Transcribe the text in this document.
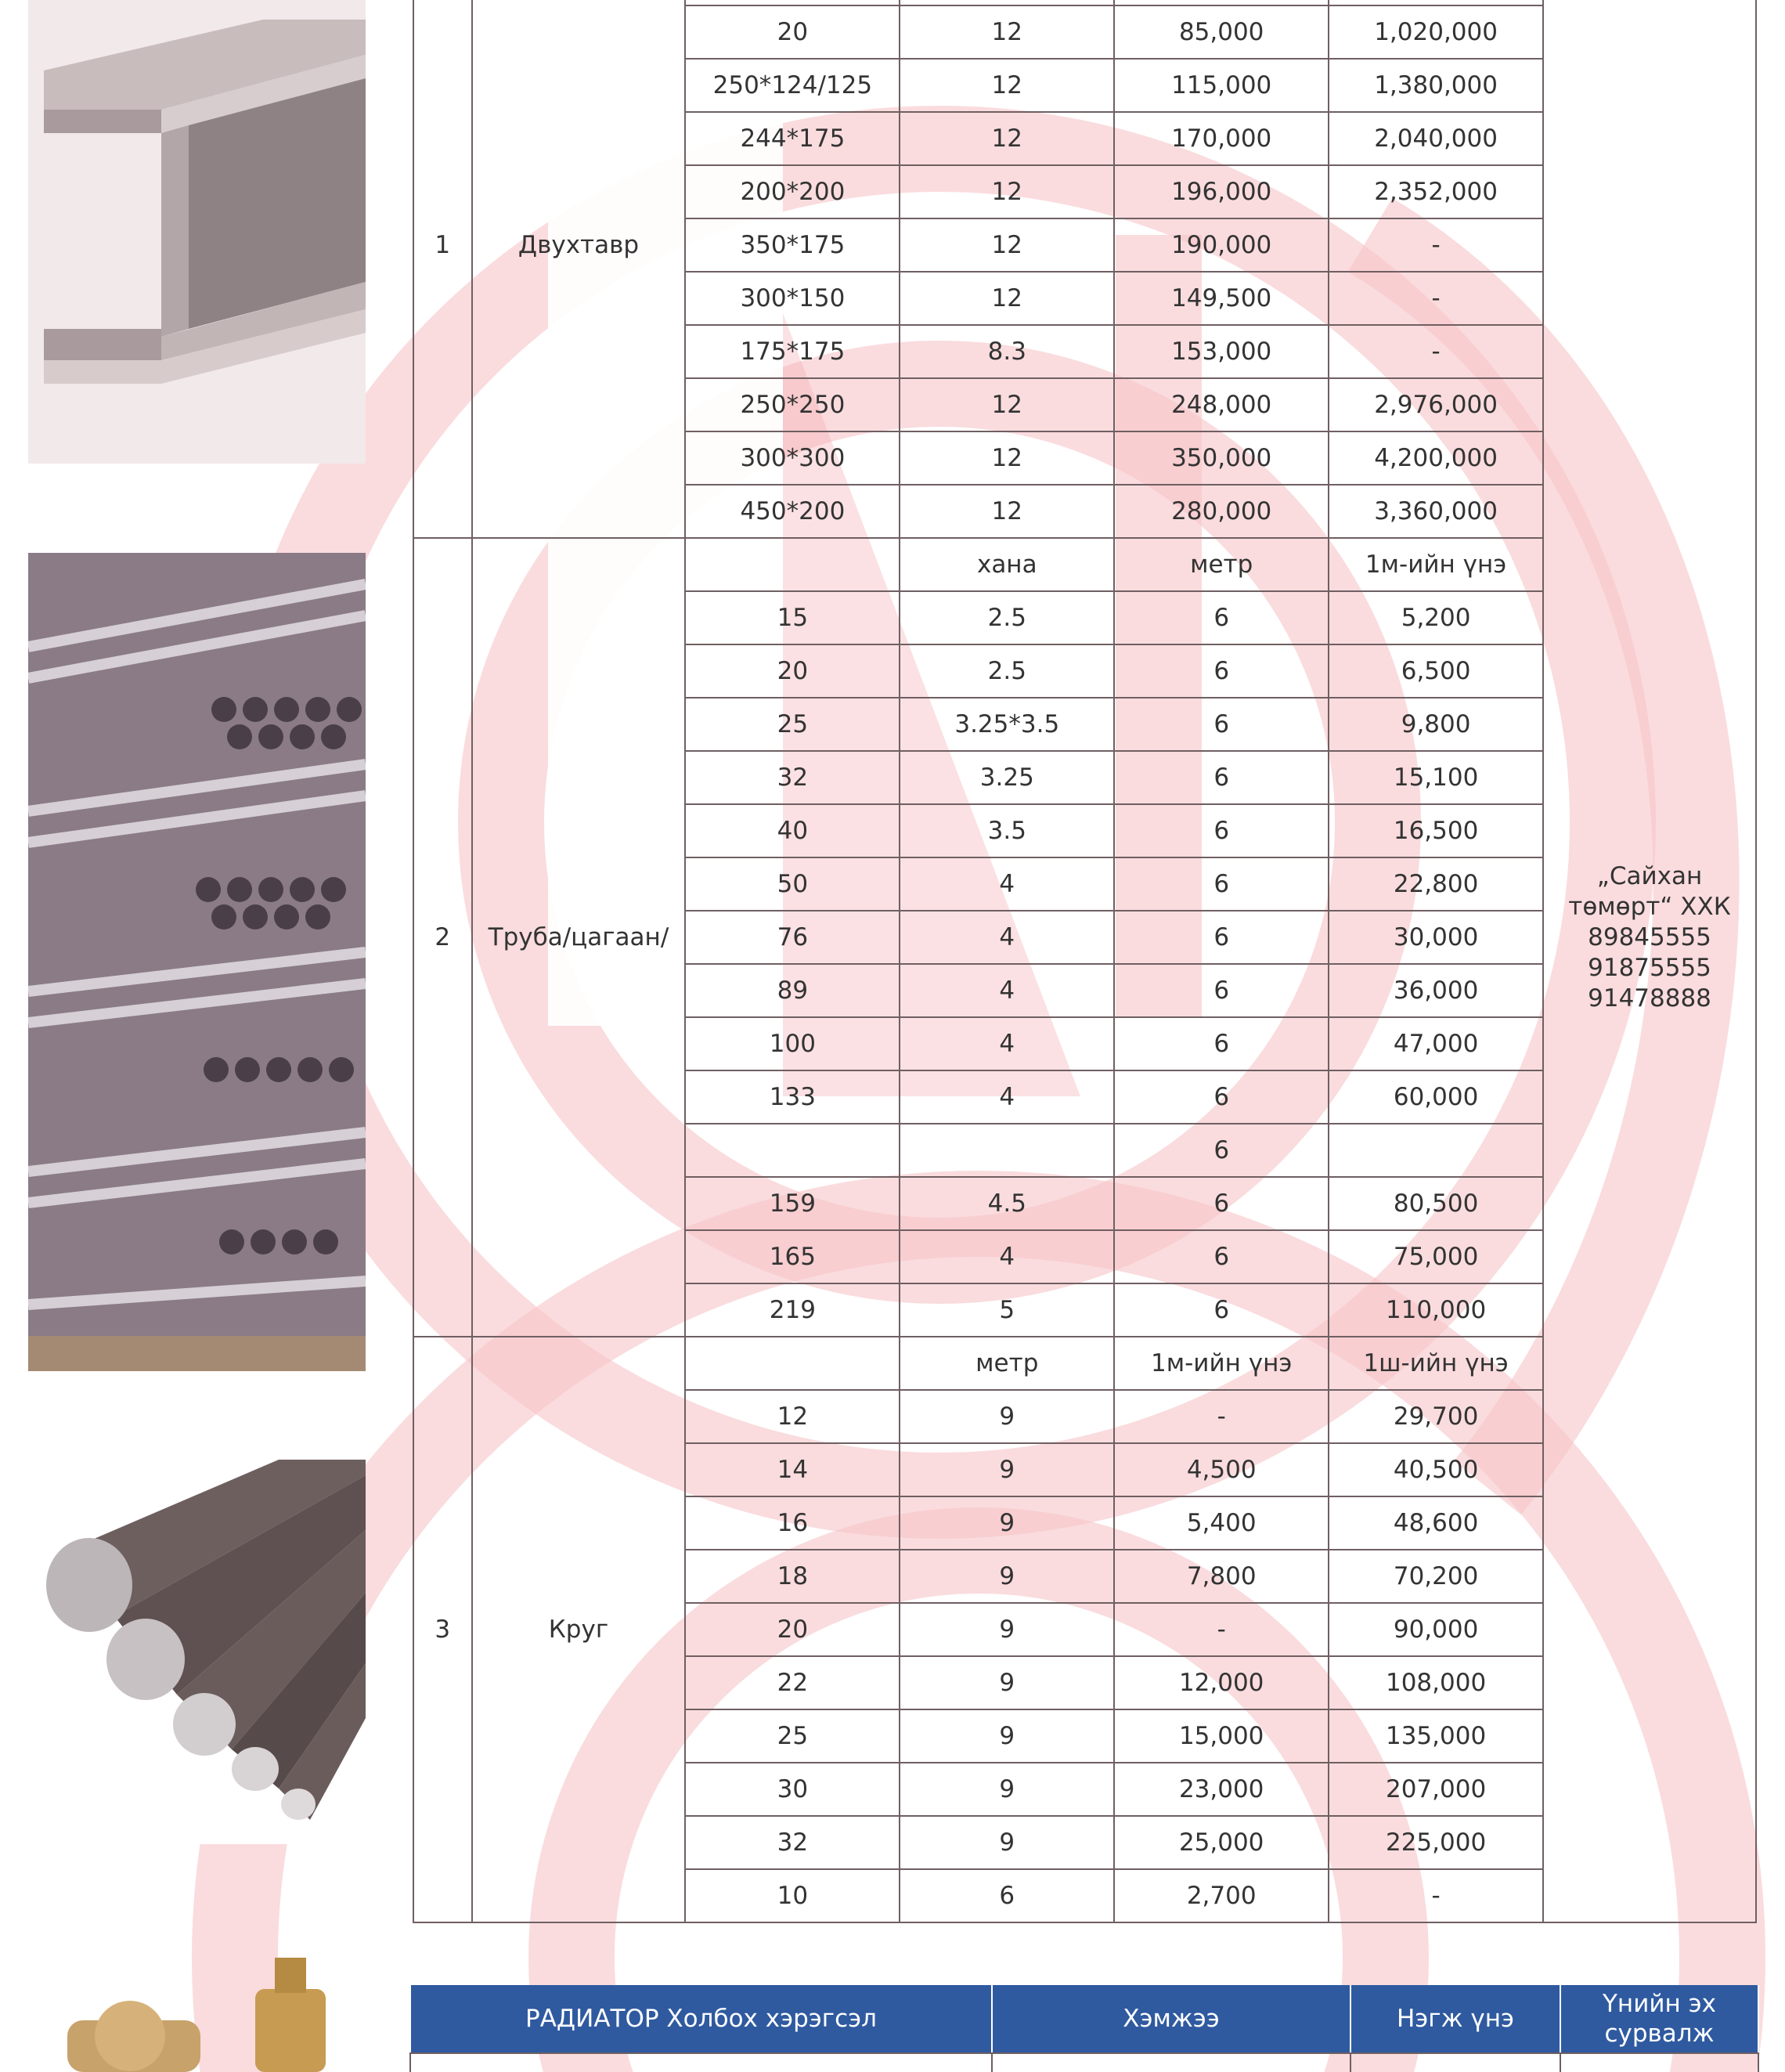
1	Двухтавр					„Сайхан
төмөрт“ ХХК
89845555
91875555
91478888
		20	12	85,000	1,020,000	
		250*124/125	12	115,000	1,380,000	
		244*175	12	170,000	2,040,000	
		200*200	12	196,000	2,352,000	
		350*175	12	190,000	-	
		300*150	12	149,500	-	
		175*175	8.3	153,000	-	
		250*250	12	248,000	2,976,000	
		300*300	12	350,000	4,200,000	
		450*200	12	280,000	3,360,000	
2	Труба/цагаан/		хана	метр	1м-ийн үнэ	
		15	2.5	6	5,200	
		20	2.5	6	6,500	
		25	3.25*3.5	6	9,800	
		32	3.25	6	15,100	
		40	3.5	6	16,500	
		50	4	6	22,800	
		76	4	6	30,000	
		89	4	6	36,000	
		100	4	6	47,000	
		133	4	6	60,000	
				6		
		159	4.5	6	80,500	
		165	4	6	75,000	
		219	5	6	110,000	
3	Круг		метр	1м-ийн үнэ	1ш-ийн үнэ	
		12	9	-	29,700	
		14	9	4,500	40,500	
		16	9	5,400	48,600	
		18	9	7,800	70,200	
		20	9	-	90,000	
		22	9	12,000	108,000	
		25	9	15,000	135,000	
		30	9	23,000	207,000	
		32	9	25,000	225,000	
		10	6	2,700	-	
РАДИАТОР Холбох хэрэгсэл	Хэмжээ	Нэгж үнэ	Үнийн эх
сурвалж
